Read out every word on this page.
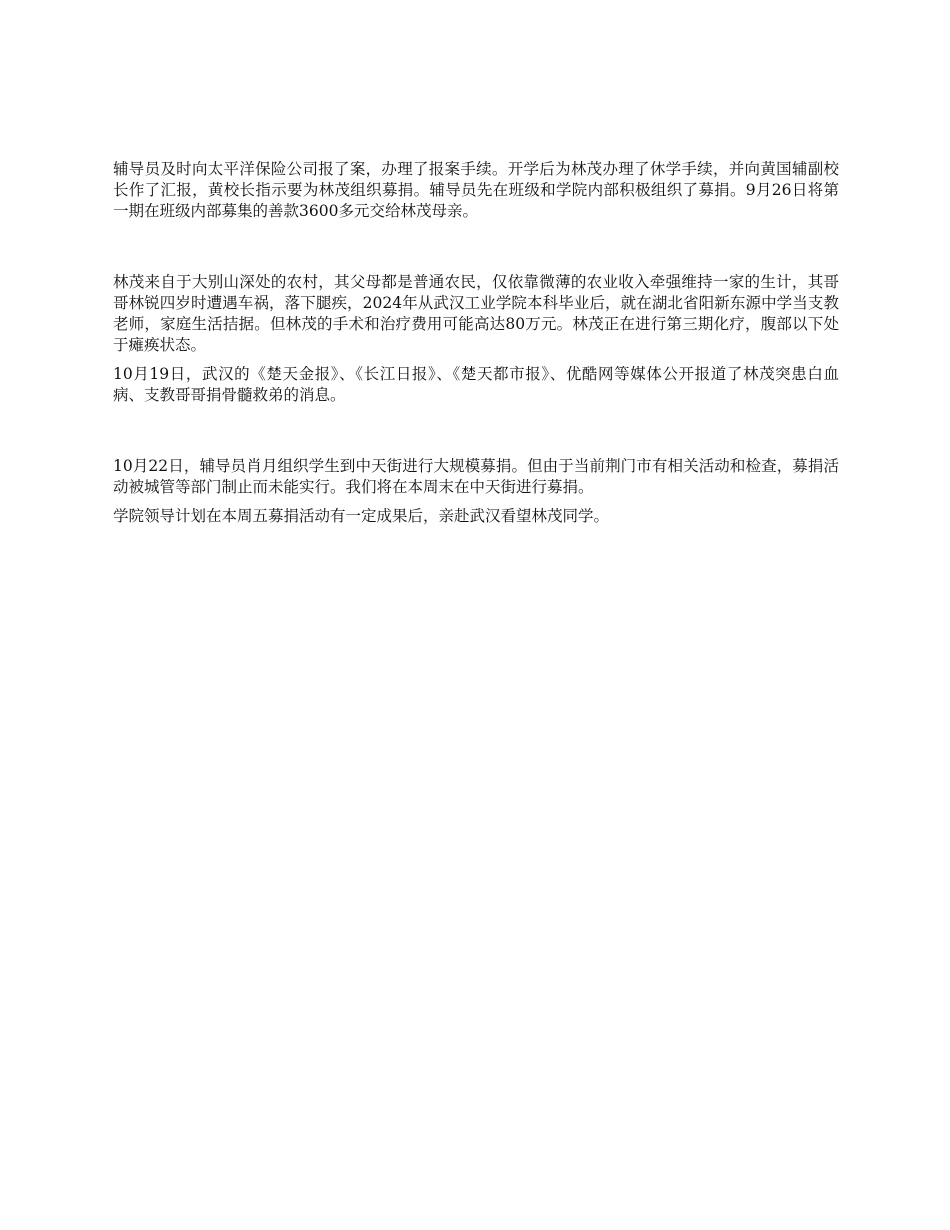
辅导员及时向太平洋保险公司报了案，办理了报案手续。开学后为林茂办理了休学手续，并向黄国辅副校长作了汇报，黄校长指示要为林茂组织募捐。辅导员先在班级和学院内部积极组织了募捐。9月26日将第一期在班级内部募集的善款3600多元交给林茂母亲。

林茂来自于大别山深处的农村，其父母都是普通农民，仅依靠微薄的农业收入牵强维持一家的生计，其哥哥林锐四岁时遭遇车祸，落下腿疾，2024年从武汉工业学院本科毕业后，就在湖北省阳新东源中学当支教老师，家庭生活拮据。但林茂的手术和治疗费用可能高达80万元。林茂正在进行第三期化疗，腹部以下处于瘫痪状态。

10月19日，武汉的《楚天金报》、《长江日报》、《楚天都市报》、优酷网等媒体公开报道了林茂突患白血病、支教哥哥捐骨髓救弟的消息。

10月22日，辅导员肖月组织学生到中天街进行大规模募捐。但由于当前荆门市有相关活动和检查，募捐活动被城管等部门制止而未能实行。我们将在本周末在中天街进行募捐。

学院领导计划在本周五募捐活动有一定成果后，亲赴武汉看望林茂同学。
